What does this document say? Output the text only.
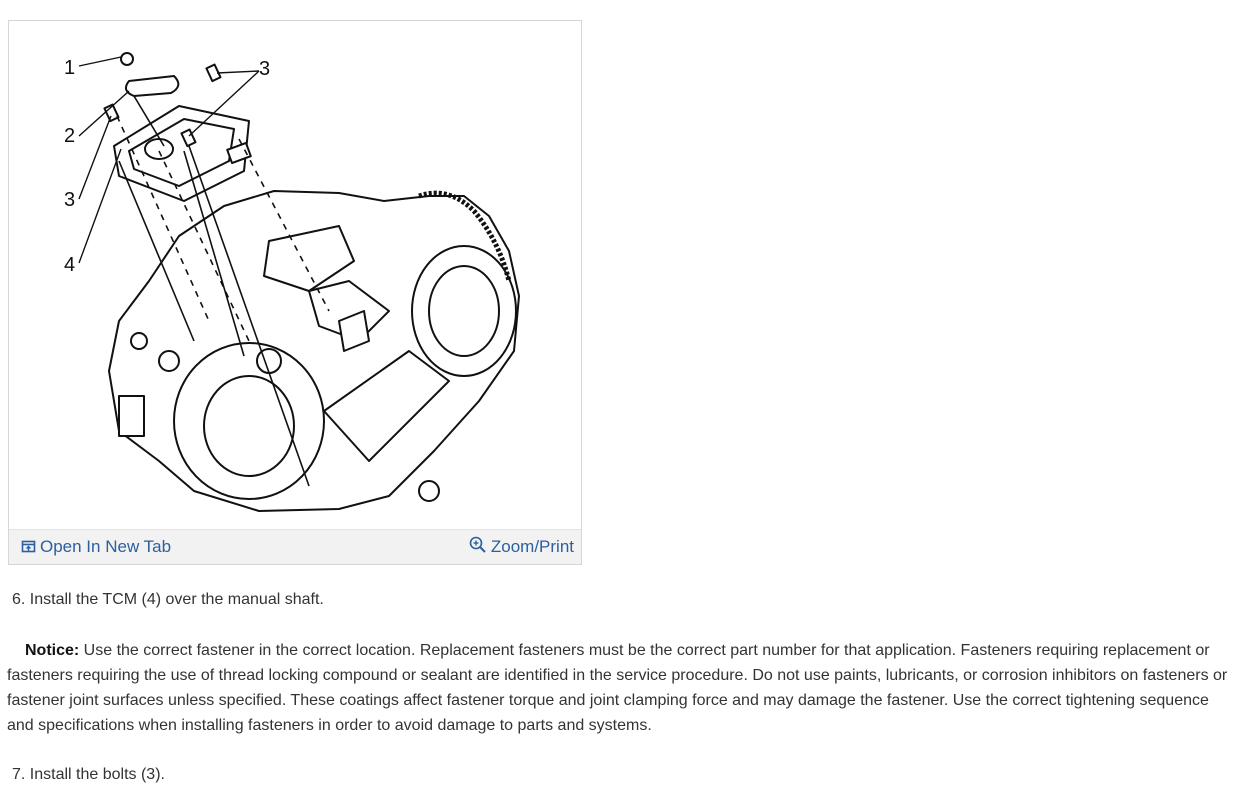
1
2
3
4
3
Open In New Tab	Zoom/Print
6. Install the TCM (4) over the manual shaft.
Notice: Use the correct fastener in the correct location. Replacement fasteners must be the correct part number for that application. Fasteners requiring replacement or fasteners requiring the use of thread locking compound or sealant are identified in the service procedure. Do not use paints, lubricants, or corrosion inhibitors on fasteners or fastener joint surfaces unless specified. These coatings affect fastener torque and joint clamping force and may damage the fastener. Use the correct tightening sequence and specifications when installing fasteners in order to avoid damage to parts and systems.
7. Install the bolts (3).
